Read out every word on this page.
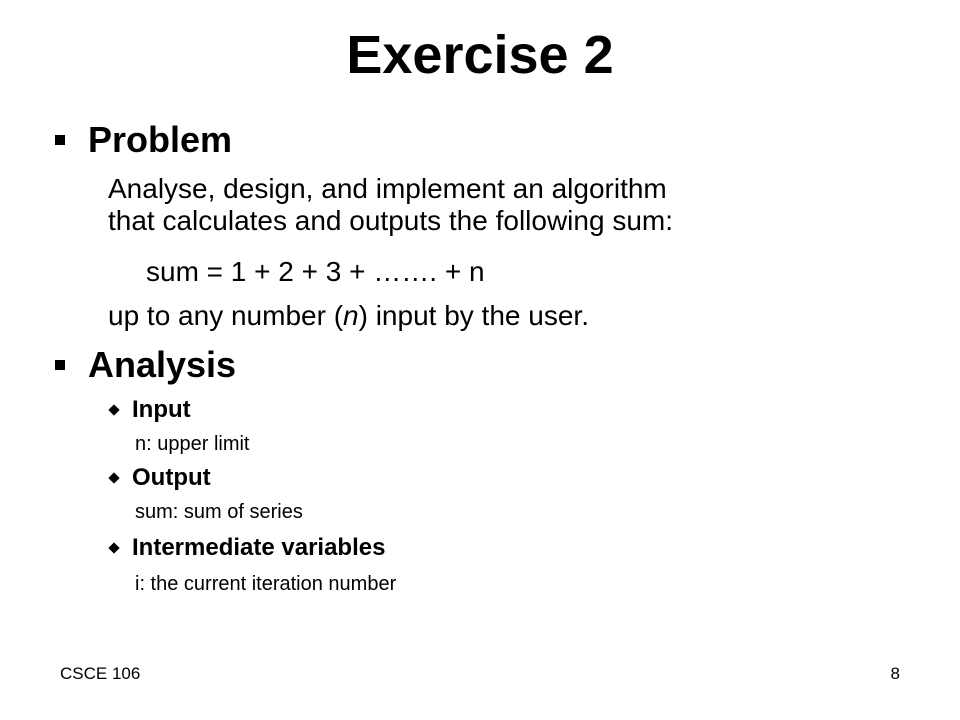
Exercise 2
Problem
Analyse, design, and implement an algorithm
that calculates and outputs the following sum:
sum = 1 + 2 + 3 + ……. + n
up to any number (n) input by the user.
Analysis
Input
n: upper limit
Output
sum: sum of series
Intermediate variables
i: the current iteration number
CSCE 106	8
